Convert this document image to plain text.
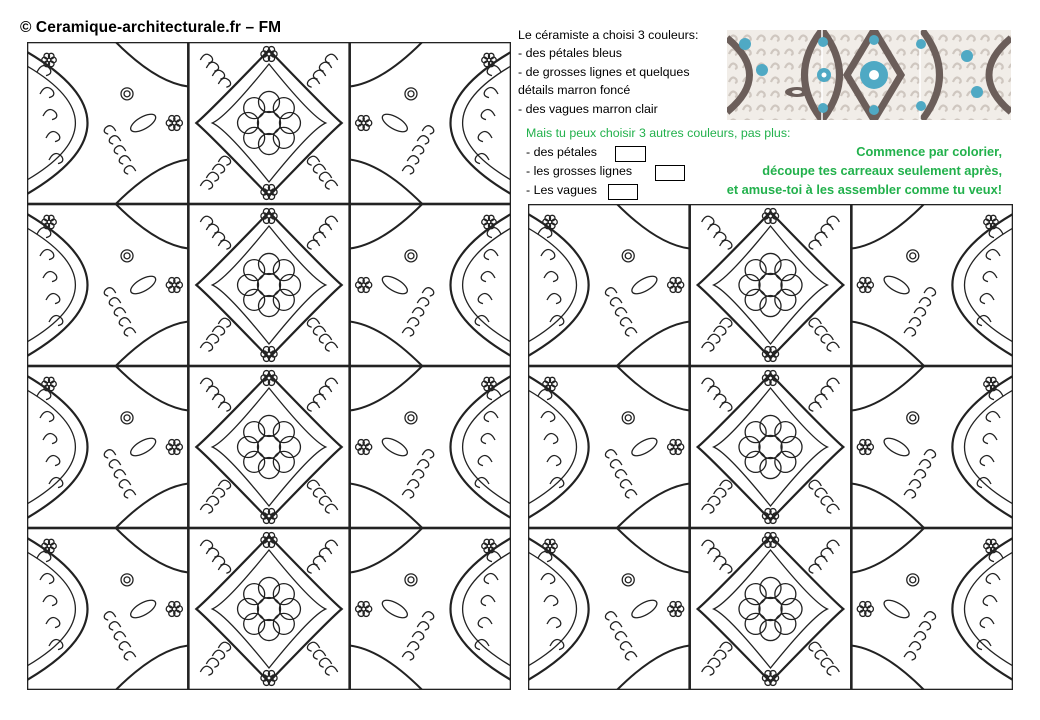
© Ceramique-architecturale.fr – FM	Le céramiste a choisi 3 couleurs:
- des pétales bleus
- de grosses lignes et quelques
détails marron foncé
- des vagues marron clair
Mais tu peux choisir 3 autres couleurs, pas plus:
- des pétales
- les grosses lignes
- Les vagues
Commence par colorier,
découpe tes carreaux seulement après,
et amuse-toi à les assembler comme tu veux!
